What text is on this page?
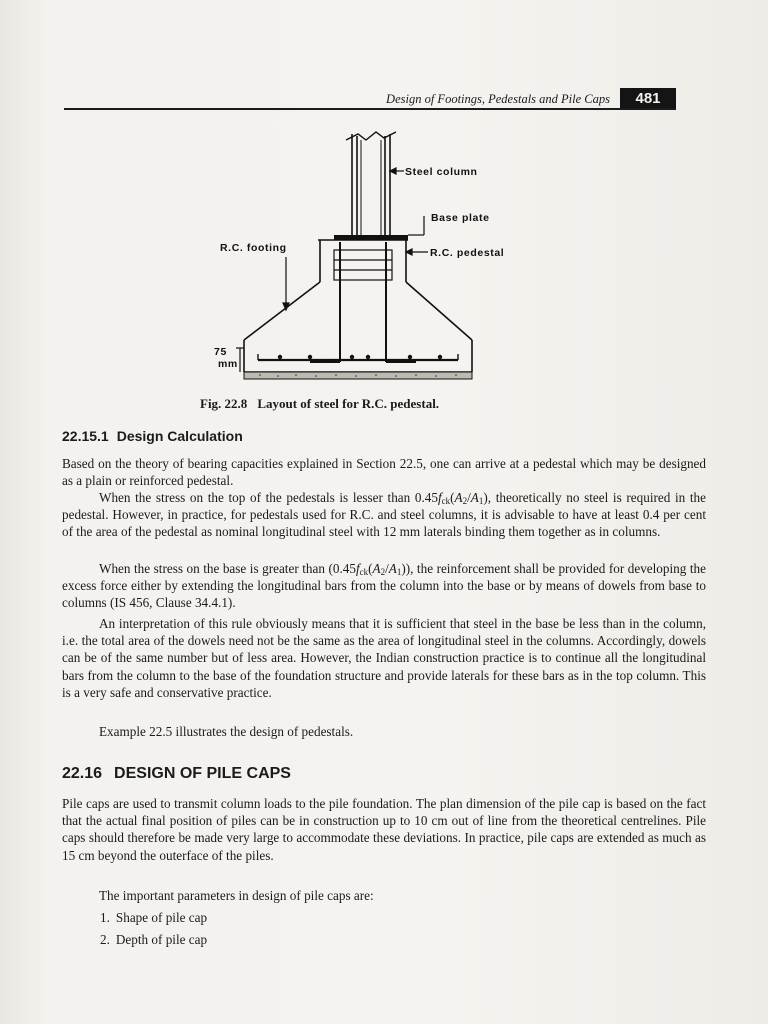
Design of Footings, Pedestals and Pile Caps	481
75
mm
Steel column
Base plate
R.C. pedestal
R.C. footing
Fig. 22.8 Layout of steel for R.C. pedestal.
22.15.1 Design Calculation

Based on the theory of bearing capacities explained in Section 22.5, one can arrive at a pedestal which may be designed as a plain or reinforced pedestal.

When the stress on the top of the pedestals is lesser than $0.45f_{ck}(A_2/A_1)$, theoretically no steel is required in the pedestal. However, in practice, for pedestals used for R.C. and steel columns, it is advisable to have at least 0.4 per cent of the area of the pedestal as nominal longitudinal steel with 12 mm laterals binding them together as in columns.

When the stress on the base is greater than $(0.45f_{ck}(A_2/A_1))$, the reinforcement shall be provided for developing the excess force either by extending the longitudinal bars from the column into the base or by means of dowels from base to columns (IS 456, Clause 34.4.1).

An interpretation of this rule obviously means that it is sufficient that steel in the base be less than in the column, i.e. the total area of the dowels need not be the same as the area of longitudinal steel in the columns. Accordingly, dowels can be of the same number but of less area. However, the Indian construction practice is to continue all the longitudinal bars from the column to the base of the foundation structure and provide laterals for these bars as in the top column. This is a very safe and conservative practice.

Example 22.5 illustrates the design of pedestals.

22.16 DESIGN OF PILE CAPS

Pile caps are used to transmit column loads to the pile foundation. The plan dimension of the pile cap is based on the fact that the actual final position of piles can be in construction up to 10 cm out of line from the theoretical centrelines. Pile caps should therefore be made very large to accommodate these deviations. In practice, pile caps are extended as much as 15 cm beyond the outerface of the piles.

The important parameters in design of pile caps are:

1. Shape of pile cap
2. Depth of pile cap
